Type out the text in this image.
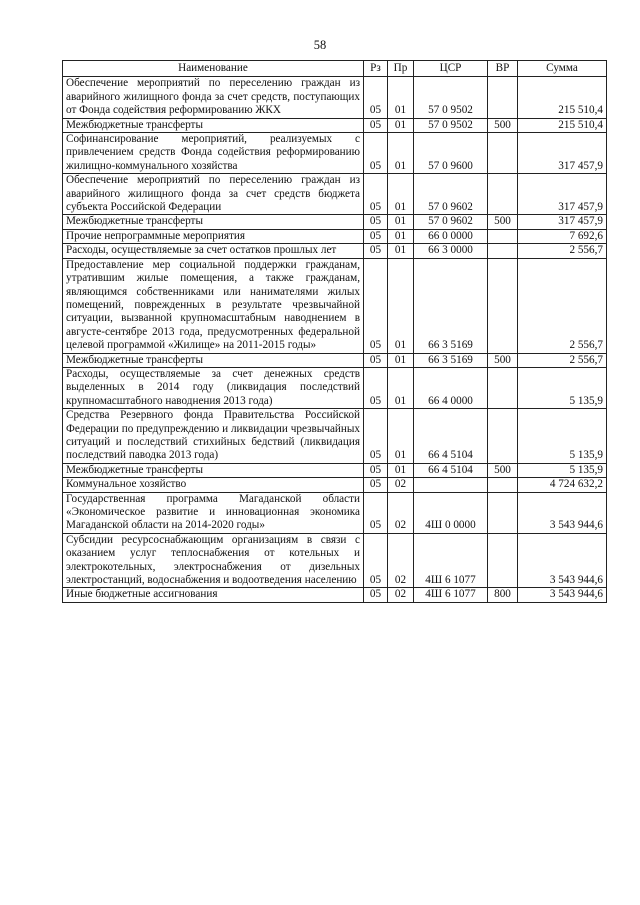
58
Наименование	Рз	Пр	ЦСР	ВР	Сумма
Обеспечение мероприятий по переселению граждан из аварийного жилищного фонда за счет средств, поступающих от Фонда содействия реформированию ЖКХ	05	01	57 0 9502		215 510,4
Межбюджетные трансферты	05	01	57 0 9502	500	215 510,4
Софинансирование мероприятий, реализуемых с привлечением средств Фонда содействия реформированию жилищно-коммунального хозяйства	05	01	57 0 9600		317 457,9
Обеспечение мероприятий по переселению граждан из аварийного жилищного фонда за счет средств бюджета субъекта Российской Федерации	05	01	57 0 9602		317 457,9
Межбюджетные трансферты	05	01	57 0 9602	500	317 457,9
Прочие непрограммные мероприятия	05	01	66 0 0000		7 692,6
Расходы, осуществляемые за счет остатков прошлых лет	05	01	66 3 0000		2 556,7
Предоставление мер социальной поддержки гражданам, утратившим жилые помещения, а также гражданам, являющимся собственниками или нанимателями жилых помещений, поврежденных в результате чрезвычайной ситуации, вызванной крупномасштабным наводнением в августе-сентябре 2013 года, предусмотренных федеральной целевой программой «Жилище» на 2011-2015 годы»	05	01	66 3 5169		2 556,7
Межбюджетные трансферты	05	01	66 3 5169	500	2 556,7
Расходы, осуществляемые за счет денежных средств выделенных в 2014 году (ликвидация последствий крупномасштабного наводнения 2013 года)	05	01	66 4 0000		5 135,9
Средства Резервного фонда Правительства Российской Федерации по предупреждению и ликвидации чрезвычайных ситуаций и последствий стихийных бедствий (ликвидация последствий паводка 2013 года)	05	01	66 4 5104		5 135,9
Межбюджетные трансферты	05	01	66 4 5104	500	5 135,9
Коммунальное хозяйство	05	02			4 724 632,2
Государственная программа Магаданской области «Экономическое развитие и инновационная экономика Магаданской области на 2014-2020 годы»	05	02	4Ш 0 0000		3 543 944,6
Субсидии ресурсоснабжающим организациям в связи с оказанием услуг теплоснабжения от котельных и электрокотельных, электроснабжения от дизельных электростанций, водоснабжения и водоотведения населению	05	02	4Ш 6 1077		3 543 944,6
Иные бюджетные ассигнования	05	02	4Ш 6 1077	800	3 543 944,6
